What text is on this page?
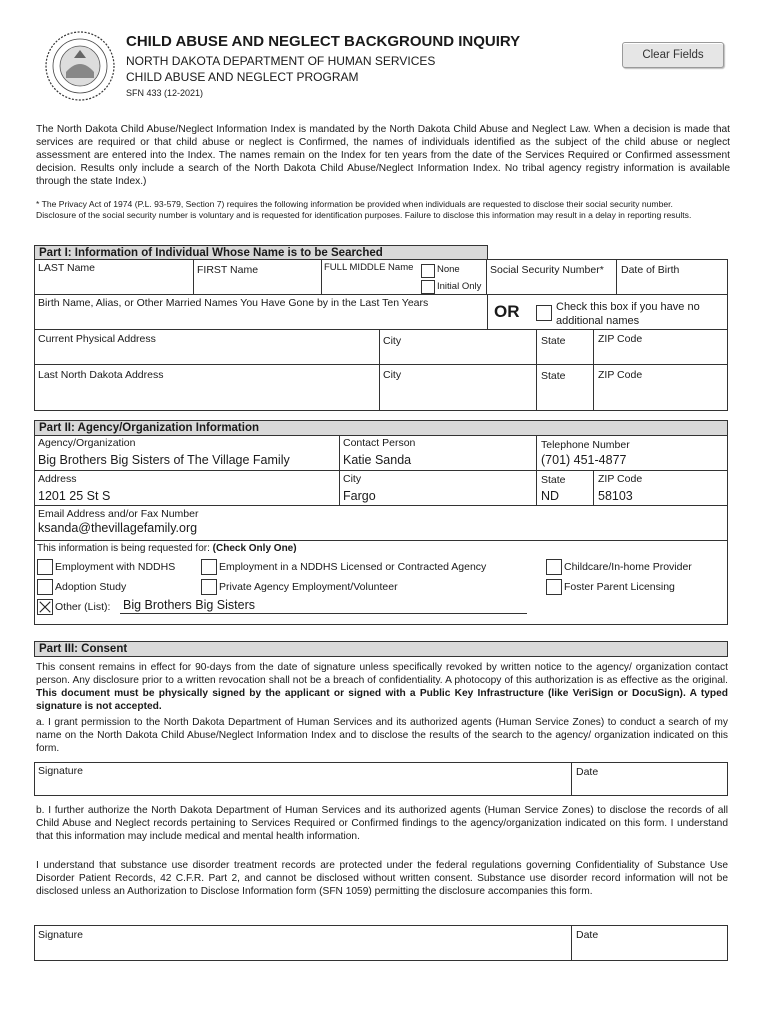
CHILD ABUSE AND NEGLECT BACKGROUND INQUIRY
NORTH DAKOTA DEPARTMENT OF HUMAN SERVICES
CHILD ABUSE AND NEGLECT PROGRAM
SFN 433 (12-2021)
Clear Fields
The North Dakota Child Abuse/Neglect Information Index is mandated by the North Dakota Child Abuse and Neglect Law. When a decision is made that services are required or that child abuse or neglect is Confirmed, the names of individuals identified as the subject of the child abuse or neglect assessment are entered into the Index. The names remain on the Index for ten years from the date of the Services Required or Confirmed assessment decision. Results only include a search of the North Dakota Child Abuse/Neglect Information Index. No tribal agency registry information is available through the state Index.)
* The Privacy Act of 1974 (P.L. 93-579, Section 7) requires the following information be provided when individuals are requested to disclose their social security number. Disclosure of the social security number is voluntary and is requested for identification purposes. Failure to disclose this information may result in a delay in reporting results.
Part I: Information of Individual Whose Name is to be Searched
LAST Name	FIRST Name	FULL MIDDLE Name None
Initial Only
Social Security Number* Date of Birth
Birth Name, Alias, or Other Married Names You Have Gone by in the Last Ten Years	OR	Check this box if you have no additional names
Current Physical Address	City	State	ZIP Code
Last North Dakota Address	City	State	ZIP Code
Part II: Agency/Organization Information
Agency/Organization
Big Brothers Big Sisters of The Village Family
Contact Person
Katie Sanda
Telephone Number
(701) 451-4877
Address
1201 25 St S
City
Fargo
State
ND
ZIP Code
58103
Email Address and/or Fax Number
ksanda@thevillagefamily.org
This information is being requested for: (Check Only One)
Employment with NDDHS	Employment in a NDDHS Licensed or Contracted Agency	Childcare/In-home Provider
Adoption Study	Private Agency Employment/Volunteer	Foster Parent Licensing
Other (List): Big Brothers Big Sisters
Part III: Consent
This consent remains in effect for 90-days from the date of signature unless specifically revoked by written notice to the agency/ organization contact person. Any disclosure prior to a written revocation shall not be a breach of confidentiality. A photocopy of this authorization is as effective as the original. This document must be physically signed by the applicant or signed with a Public Key Infrastructure (like VeriSign or DocuSign). A typed signature is not accepted.
a. I grant permission to the North Dakota Department of Human Services and its authorized agents (Human Service Zones) to conduct a search of my name on the North Dakota Child Abuse/Neglect Information Index and to disclose the results of the search to the agency/ organization indicated on this form.
Signature	Date
b. I further authorize the North Dakota Department of Human Services and its authorized agents (Human Service Zones) to disclose the records of all Child Abuse and Neglect records pertaining to Services Required or Confirmed findings to the agency/organization indicated on this form. I understand that this information may include medical and mental health information.
I understand that substance use disorder treatment records are protected under the federal regulations governing Confidentiality of Substance Use Disorder Patient Records, 42 C.F.R. Part 2, and cannot be disclosed without written consent. Substance use disorder record information will not be disclosed unless an Authorization to Disclose Information form (SFN 1059) permitting the disclosure accompanies this form.
Signature	Date
